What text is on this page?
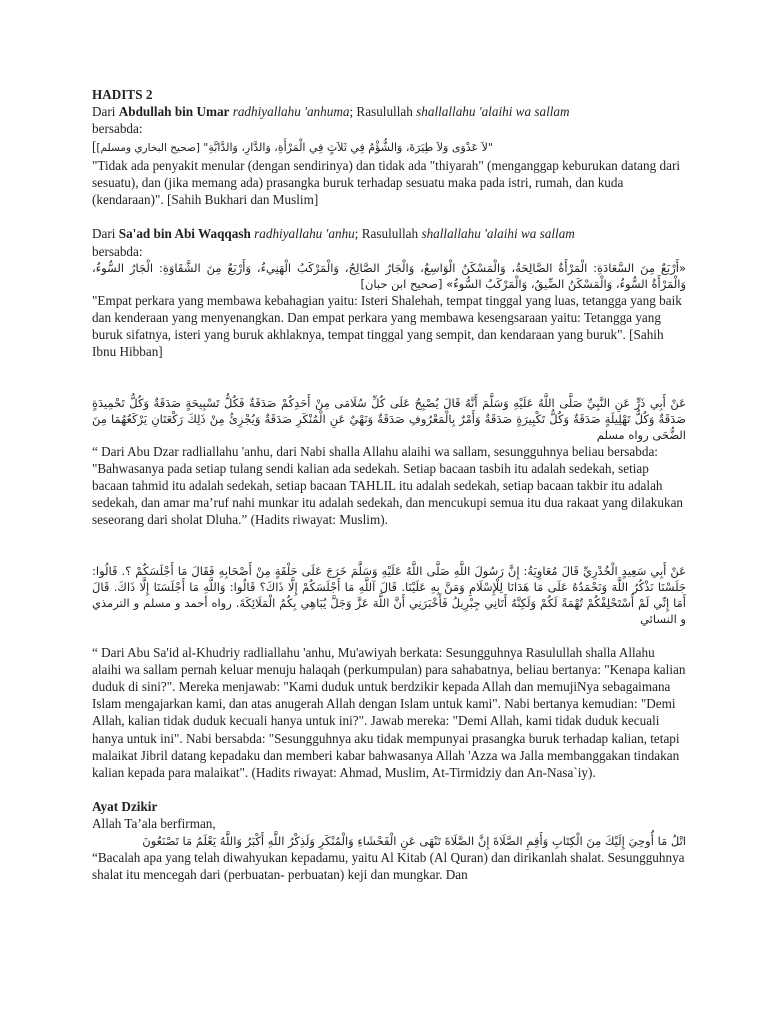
HADITS 2

Dari Abdullah bin Umar radhiyallahu 'anhuma; Rasulullah shallallahu 'alaihi wa sallam

bersabda:

[[صحيح البخاري ومسلم] "لاَ عَدْوَى وَلاَ طِيَرَةَ، وَالشُّؤْمُ فِي ثَلاَثٍ فِي الْمَرْأَةِ، وَالدَّارِ، وَالدَّابَّةِ"

"Tidak ada penyakit menular (dengan sendirinya) dan tidak ada "thiyarah" (menganggap keburukan datang dari sesuatu), dan (jika memang ada) prasangka buruk terhadap sesuatu maka pada istri, rumah, dan kuda (kendaraan)". [Sahih Bukhari dan Muslim]

Dari Sa'ad bin Abi Waqqash radhiyallahu 'anhu; Rasulullah shallallahu 'alaihi wa sallam

bersabda:

«أَرْبَعٌ مِنَ السَّعَادَةِ: الْمَرْأَةُ الصَّالِحَةُ، وَالْمَسْكَنُ الْوَاسِعُ، وَالْجَارُ الصَّالِحُ، وَالْمَرْكَبُ الْهَنِيءُ، وَأَرْبَعٌ مِنَ الشَّقَاوَةِ: الْجَارُ السُّوءُ، وَالْمَرْأَةُ السُّوءُ، وَالْمَسْكَنُ الضِّيقُ، وَالْمَرْكَبُ السُّوءُ» [صحيح ابن حبان]

"Empat perkara yang membawa kebahagian yaitu: Isteri Shalehah, tempat tinggal yang luas, tetangga yang baik dan kenderaan yang menyenangkan. Dan empat perkara yang membawa kesengsaraan yaitu: Tetangga yang buruk sifatnya, isteri yang buruk akhlaknya, tempat tinggal yang sempit, dan kendaraan yang buruk". [Sahih Ibnu Hibban]

عَنْ أَبِي ذَرٍّ عَنِ النَّبِيِّ صَلَّى اللَّهُ عَلَيْهِ وَسَلَّمَ أَنَّهُ قَالَ يُصْبِحُ عَلَى كُلِّ سُلَامَى مِنْ أَحَدِكُمْ صَدَقَةٌ فَكُلُّ تَسْبِيحَةٍ صَدَقَةٌ وَكُلُّ تَحْمِيدَةٍ صَدَقَةٌ وَكُلُّ تَهْلِيلَةٍ صَدَقَةٌ وَكُلُّ تَكْبِيرَةٍ صَدَقَةٌ وَأَمْرٌ بِالْمَعْرُوفِ صَدَقَةٌ وَنَهْيٌ عَنِ الْمُنْكَرِ صَدَقَةٌ وَيُجْزِئُ مِنْ ذَلِكَ رَكْعَتَانِ يَرْكَعُهُمَا مِنَ الضُّحَى رواه مسلم

“ Dari Abu Dzar radliallahu 'anhu, dari Nabi shalla Allahu alaihi wa sallam, sesungguhnya beliau bersabda: "Bahwasanya pada setiap tulang sendi kalian ada sedekah. Setiap bacaan tasbih itu adalah sedekah, setiap bacaan tahmid itu adalah sedekah, setiap bacaan TAHLIL itu adalah sedekah, setiap bacaan takbir itu adalah sedekah, dan amar ma’ruf nahi munkar itu adalah sedekah, dan mencukupi semua itu dua rakaat yang dilakukan seseorang dari sholat Dluha.” (Hadits riwayat: Muslim).

عَنْ أَبِي سَعِيدٍ الْخُدْرِيِّ قَالَ مُعَاوِيَةُ: إِنَّ رَسُولَ اللَّهِ صَلَّى اللَّهُ عَلَيْهِ وَسَلَّمَ خَرَجَ عَلَى حَلْقَةٍ مِنْ أَصْحَابِهِ فَقَالَ مَا أَجْلَسَكُمْ ؟. قَالُوا: جَلَسْنَا نَذْكُرُ اللَّهَ وَنَحْمَدُهُ عَلَى مَا هَدَانَا لِلْإِسْلَامِ وَمَنَّ بِهِ عَلَيْنَا. قَالَ آللَّهِ مَا أَجْلَسَكُمْ إِلَّا ذَاكَ؟ قَالُوا: وَاللَّهِ مَا أَجْلَسَنَا إِلَّا ذَاكَ. قَالَ أَمَا إِنِّي لَمْ أَسْتَحْلِفْكُمْ تُهْمَةً لَكُمْ وَلَكِنَّهُ أَتَانِي جِبْرِيلُ فَأَخْبَرَنِي أَنَّ اللَّهَ عَزَّ وَجَلَّ يُبَاهِي بِكُمُ الْمَلَائِكَةَ. رواه أحمد و مسلم و الترمذي و النسائي

“ Dari Abu Sa'id al-Khudriy radliallahu 'anhu, Mu'awiyah berkata: Sesungguhnya Rasulullah shalla Allahu alaihi wa sallam pernah keluar menuju halaqah (perkumpulan) para sahabatnya, beliau bertanya: "Kenapa kalian duduk di sini?". Mereka menjawab: "Kami duduk untuk berdzikir kepada Allah dan memujiNya sebagaimana Islam mengajarkan kami, dan atas anugerah Allah dengan Islam untuk kami". Nabi bertanya kemudian: "Demi Allah, kalian tidak duduk kecuali hanya untuk ini?". Jawab mereka: "Demi Allah, kami tidak duduk kecuali hanya untuk ini". Nabi bersabda: "Sesungguhnya aku tidak mempunyai prasangka buruk terhadap kalian, tetapi malaikat Jibril datang kepadaku dan memberi kabar bahwasanya Allah 'Azza wa Jalla membanggakan tindakan kalian kepada para malaikat". (Hadits riwayat: Ahmad, Muslim, At-Tirmidziy dan An-Nasa`iy).

Ayat Dzikir

Allah Ta’ala berfirman,

اتْلُ مَا أُوحِيَ إِلَيْكَ مِنَ الْكِتَابِ وَأَقِمِ الصَّلَاةَ إِنَّ الصَّلَاةَ تَنْهَى عَنِ الْفَحْشَاءِ وَالْمُنْكَرِ وَلَذِكْرُ اللَّهِ أَكْبَرُ وَاللَّهُ يَعْلَمُ مَا تَصْنَعُونَ

“Bacalah apa yang telah diwahyukan kepadamu, yaitu Al Kitab (Al Quran) dan dirikanlah shalat. Sesungguhnya shalat itu mencegah dari (perbuatan- perbuatan) keji dan mungkar. Dan
